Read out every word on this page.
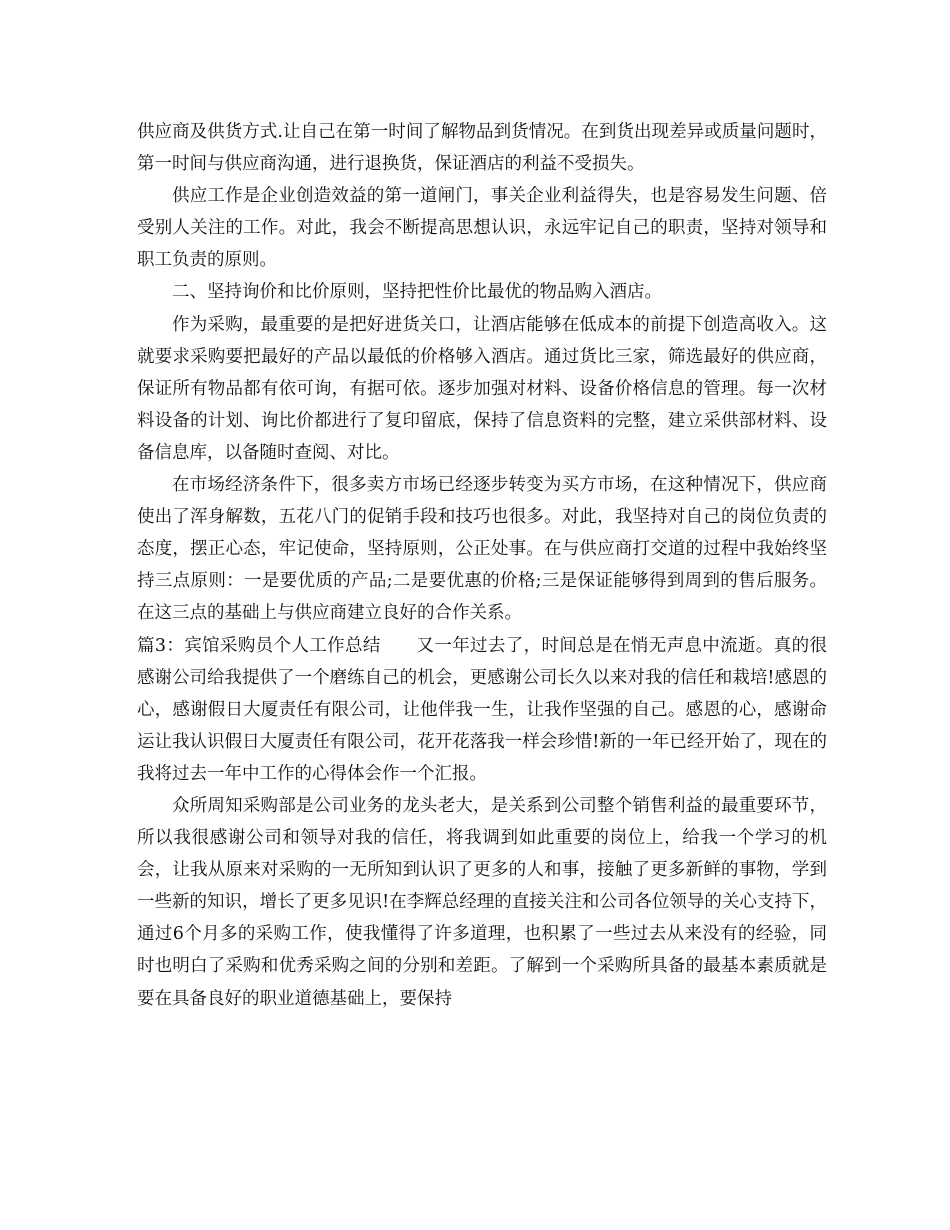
供应商及供货方式.让自己在第一时间了解物品到货情况。在到货出现差异或质量问题时，第一时间与供应商沟通，进行退换货，保证酒店的利益不受损失。

供应工作是企业创造效益的第一道闸门，事关企业利益得失，也是容易发生问题、倍受别人关注的工作。对此，我会不断提高思想认识，永远牢记自己的职责，坚持对领导和职工负责的原则。

二、坚持询价和比价原则，坚持把性价比最优的物品购入酒店。

作为采购，最重要的是把好进货关口，让酒店能够在低成本的前提下创造高收入。这就要求采购要把最好的产品以最低的价格够入酒店。通过货比三家，筛选最好的供应商，保证所有物品都有依可询，有据可依。逐步加强对材料、设备价格信息的管理。每一次材料设备的计划、询比价都进行了复印留底，保持了信息资料的完整，建立采供部材料、设备信息库，以备随时查阅、对比。

在市场经济条件下，很多卖方市场已经逐步转变为买方市场，在这种情况下，供应商使出了浑身解数，五花八门的促销手段和技巧也很多。对此，我坚持对自己的岗位负责的态度，摆正心态，牢记使命，坚持原则，公正处事。在与供应商打交道的过程中我始终坚持三点原则：一是要优质的产品;二是要优惠的价格;三是保证能够得到周到的售后服务。在这三点的基础上与供应商建立良好的合作关系。

篇3：宾馆采购员个人工作总结　　又一年过去了，时间总是在悄无声息中流逝。真的很感谢公司给我提供了一个磨练自己的机会，更感谢公司长久以来对我的信任和栽培!感恩的心，感谢假日大厦责任有限公司，让他伴我一生，让我作坚强的自己。感恩的心，感谢命运让我认识假日大厦责任有限公司，花开花落我一样会珍惜!新的一年已经开始了，现在的我将过去一年中工作的心得体会作一个汇报。

众所周知采购部是公司业务的龙头老大，是关系到公司整个销售利益的最重要环节，所以我很感谢公司和领导对我的信任，将我调到如此重要的岗位上，给我一个学习的机会，让我从原来对采购的一无所知到认识了更多的人和事，接触了更多新鲜的事物，学到一些新的知识，增长了更多见识!在李辉总经理的直接关注和公司各位领导的关心支持下，通过6个月多的采购工作，使我懂得了许多道理，也积累了一些过去从来没有的经验，同时也明白了采购和优秀采购之间的分别和差距。了解到一个采购所具备的最基本素质就是要在具备良好的职业道德基础上，要保持
